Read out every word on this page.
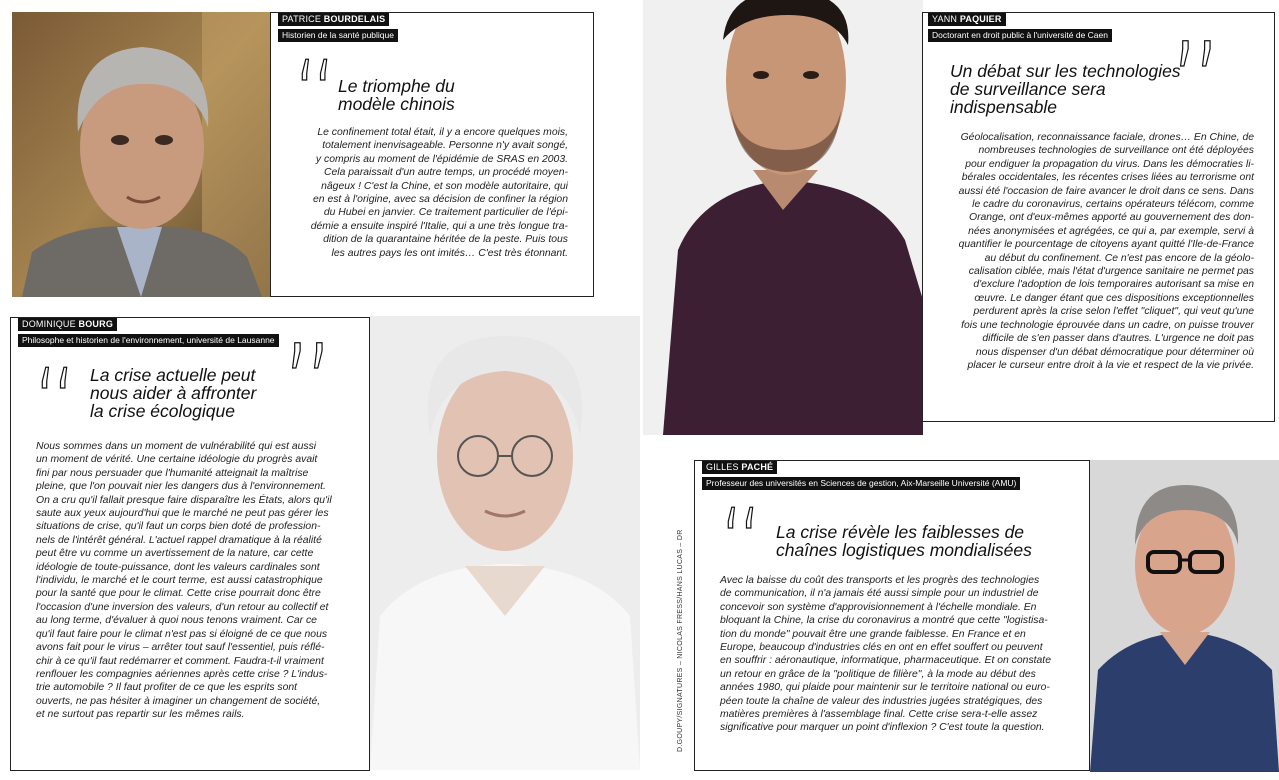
PATRICE BOURDELAIS
Historien de la santé publique
“ Le triomphe du
modèle chinois
Le confinement total était, il y a encore quelques mois,
totalement inenvisageable. Personne n'y avait songé,
y compris au moment de l'épidémie de SRAS en 2003.
Cela paraissait d'un autre temps, un procédé moyen-
nâgeux ! C'est la Chine, et son modèle autoritaire, qui
en est à l'origine, avec sa décision de confiner la région
du Hubei en janvier. Ce traitement particulier de l'épi-
démie a ensuite inspiré l'Italie, qui a une très longue tra-
dition de la quarantaine héritée de la peste. Puis tous
les autres pays les ont imités… C'est très étonnant.
YANN PAQUIER
Doctorant en droit public à l'université de Caen
Un débat sur les technologies
de surveillance sera
indispensable	”
Géolocalisation, reconnaissance faciale, drones… En Chine, de
nombreuses technologies de surveillance ont été déployées
pour endiguer la propagation du virus. Dans les démocraties li-
bérales occidentales, les récentes crises liées au terrorisme ont
aussi été l'occasion de faire avancer le droit dans ce sens. Dans
le cadre du coronavirus, certains opérateurs télécom, comme
Orange, ont d'eux-mêmes apporté au gouvernement des don-
nées anonymisées et agrégées, ce qui a, par exemple, servi à
quantifier le pourcentage de citoyens ayant quitté l'Ile-de-France
au début du confinement. Ce n'est pas encore de la géolo-
calisation ciblée, mais l'état d'urgence sanitaire ne permet pas
d'exclure l'adoption de lois temporaires autorisant sa mise en
œuvre. Le danger étant que ces dispositions exceptionnelles
perdurent après la crise selon l'effet "cliquet", qui veut qu'une
fois une technologie éprouvée dans un cadre, on puisse trouver
difficile de s'en passer dans d'autres. L'urgence ne doit pas
nous dispenser d'un débat démocratique pour déterminer où
placer le curseur entre droit à la vie et respect de la vie privée.
DOMINIQUE BOURG
Philosophe et historien de l'environnement, université de Lausanne
“ La crise actuelle peut
nous aider à affronter
la crise écologique ”
Nous sommes dans un moment de vulnérabilité qui est aussi
un moment de vérité. Une certaine idéologie du progrès avait
fini par nous persuader que l'humanité atteignait la maîtrise
pleine, que l'on pouvait nier les dangers dus à l'environnement.
On a cru qu'il fallait presque faire disparaître les États, alors qu'il
saute aux yeux aujourd'hui que le marché ne peut pas gérer les
situations de crise, qu'il faut un corps bien doté de profession-
nels de l'intérêt général. L'actuel rappel dramatique à la réalité
peut être vu comme un avertissement de la nature, car cette
idéologie de toute-puissance, dont les valeurs cardinales sont
l'individu, le marché et le court terme, est aussi catastrophique
pour la santé que pour le climat. Cette crise pourrait donc être
l'occasion d'une inversion des valeurs, d'un retour au collectif et
au long terme, d'évaluer à quoi nous tenons vraiment. Car ce
qu'il faut faire pour le climat n'est pas si éloigné de ce que nous
avons fait pour le virus – arrêter tout sauf l'essentiel, puis réflé-
chir à ce qu'il faut redémarrer et comment. Faudra-t-il vraiment
renflouer les compagnies aériennes après cette crise ? L'indus-
trie automobile ? Il faut profiter de ce que les esprits sont
ouverts, ne pas hésiter à imaginer un changement de société,
et ne surtout pas repartir sur les mêmes rails.
GILLES PACHÉ
Professeur des universités en Sciences de gestion, Aix-Marseille Université (AMU)
“ La crise révèle les faiblesses de
chaînes logistiques mondialisées
Avec la baisse du coût des transports et les progrès des technologies
de communication, il n'a jamais été aussi simple pour un industriel de
concevoir son système d'approvisionnement à l'échelle mondiale. En
bloquant la Chine, la crise du coronavirus a montré que cette "logistisa-
tion du monde" pouvait être une grande faiblesse. En France et en
Europe, beaucoup d'industries clés en ont en effet souffert ou peuvent
en souffrir : aéronautique, informatique, pharmaceutique. Et on constate
un retour en grâce de la "politique de filière", à la mode au début des
années 1980, qui plaide pour maintenir sur le territoire national ou euro-
péen toute la chaîne de valeur des industries jugées stratégiques, des
matières premières à l'assemblage final. Cette crise sera-t-elle assez
significative pour marquer un point d'inflexion ? C'est toute la question.
D.GOUPY/SIGNATURES – NICOLAS FRESS/HANS LUCAS – DR
